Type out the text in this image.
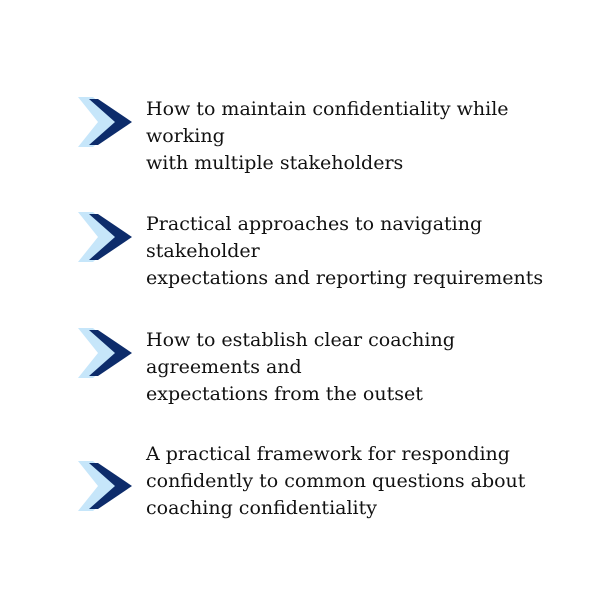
How to maintain confidentiality while working
with multiple stakeholders

Practical approaches to navigating stakeholder
expectations and reporting requirements

How to establish clear coaching agreements and
expectations from the outset

A practical framework for responding
confidently to common questions about
coaching confidentiality
